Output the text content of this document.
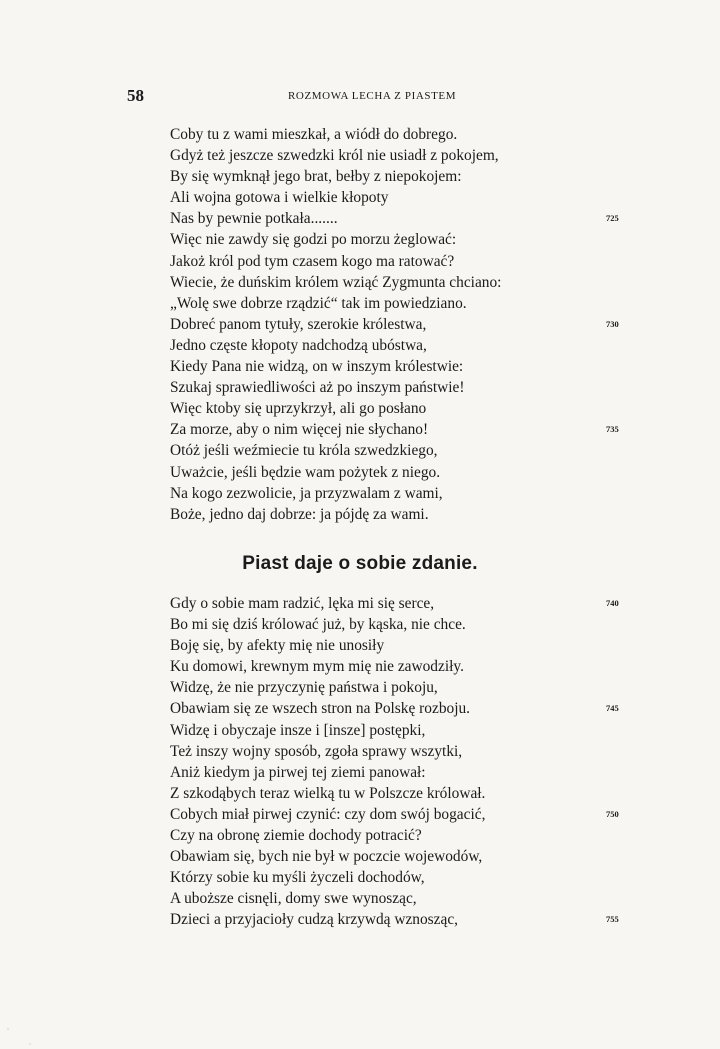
58	ROZMOWA LECHA Z PIASTEM
Coby tu z wami mieszkał, a wiódł do dobrego.
Gdyż też jeszcze szwedzki król nie usiadł z pokojem,
By się wymknął jego brat, bełby z niepokojem:
Ali wojna gotowa i wielkie kłopoty
Nas by pewnie potkała.......	725
Więc nie zawdy się godzi po morzu żeglować:
Jakoż król pod tym czasem kogo ma ratować?
Wiecie, że duńskim królem wziąć Zygmunta chciano:
„Wolę swe dobrze rządzić“ tak im powiedziano.
Dobreć panom tytuły, szerokie królestwa,	730
Jedno częste kłopoty nadchodzą ubóstwa,
Kiedy Pana nie widzą, on w inszym królestwie:
Szukaj sprawiedliwości aż po inszym państwie!
Więc ktoby się uprzykrzył, ali go posłano
Za morze, aby o nim więcej nie słychano!	735
Otóż jeśli weźmiecie tu króla szwedzkiego,
Uważcie, jeśli będzie wam pożytek z niego.
Na kogo zezwolicie, ja przyzwalam z wami,
Boże, jedno daj dobrze: ja pójdę za wami.
Piast daje o sobie zdanie.
Gdy o sobie mam radzić, lęka mi się serce,	740
Bo mi się dziś królować już, by kąska, nie chce.
Boję się, by afekty mię nie unosiły
Ku domowi, krewnym mym mię nie zawodziły.
Widzę, że nie przyczynię państwa i pokoju,
Obawiam się ze wszech stron na Polskę rozboju.	745
Widzę i obyczaje insze i [insze] postępki,
Też inszy wojny sposób, zgoła sprawy wszytki,
Aniż kiedym ja pirwej tej ziemi panował:
Z szkodąbych teraz wielką tu w Polszcze królował.
Cobych miał pirwej czynić: czy dom swój bogacić,	750
Czy na obronę ziemie dochody potracić?
Obawiam się, bych nie był w poczcie wojewodów,
Którzy sobie ku myśli życzeli dochodów,
A uboższe cisnęli, domy swe wynosząc,
Dzieci a przyjacioły cudzą krzywdą wznosząc,	755
